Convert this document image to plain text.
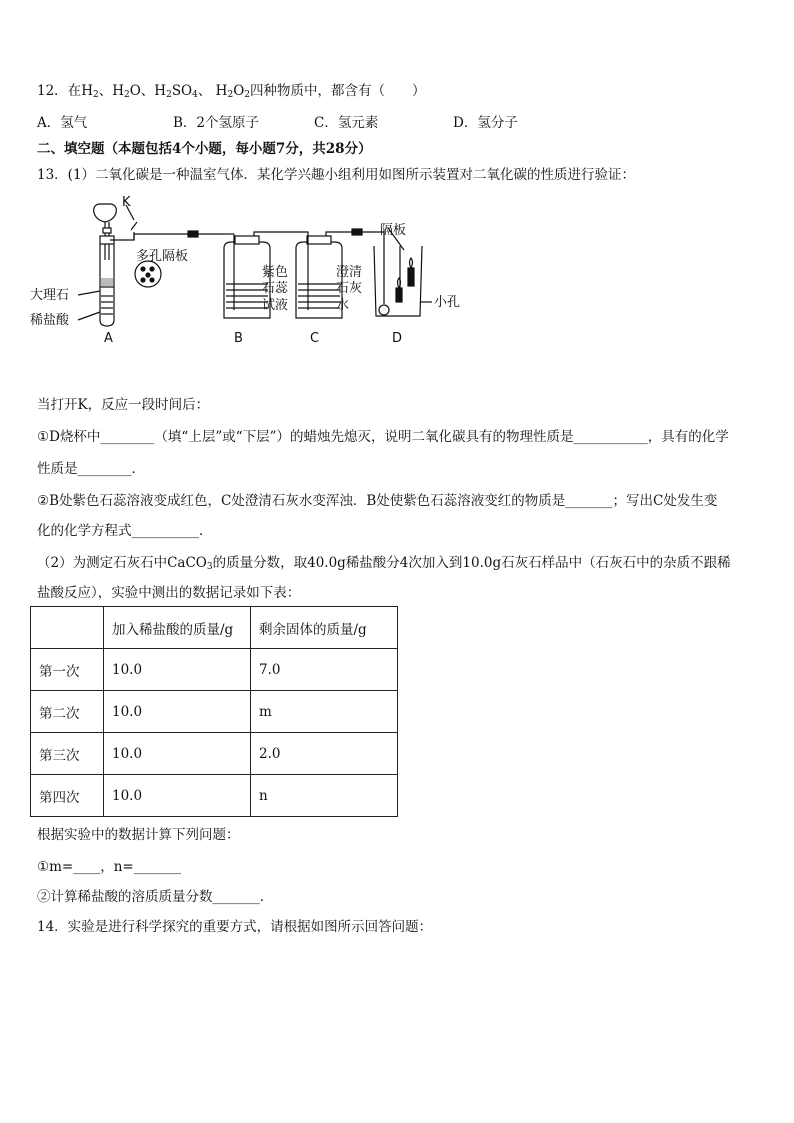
12．在$H_2$、$H_2O$、$H_2SO_4$、 $H_2O_2$四种物质中，都含有（　　）
A．氢气	B．2个氢原子	C．氢元素	D．氢分子
二、填空题（本题包括4个小题，每小题7分，共28分）
13．(1）二氧化碳是一种温室气体．某化学兴趣小组利用如图所示装置对二氧化碳的性质进行验证：
K
多孔隔板
大理石
稀盐酸
紫色
石蕊
试液
澄清
石灰
水
隔板
小孔
A	B	C	D
当打开K，反应一段时间后：
①D烧杯中________（填“上层”或“下层”）的蜡烛先熄灭，说明二氧化碳具有的物理性质是___________，具有的化学
性质是________．
②B处紫色石蕊溶液变成红色，C处澄清石灰水变浑浊．B处使紫色石蕊溶液变红的物质是_______；写出C处发生变
化的化学方程式__________．
（2）为测定石灰石中CaCO$_3$的质量分数，取40.0g稀盐酸分4次加入到10.0g石灰石样品中（石灰石中的杂质不跟稀
盐酸反应），实验中测出的数据记录如下表：
	加入稀盐酸的质量/g	剩余固体的质量/g
第一次	10.0	7.0
第二次	10.0	m
第三次	10.0	2.0
第四次	10.0	n
根据实验中的数据计算下列问题：
①m=____，n=_______
②计算稀盐酸的溶质质量分数_______．
14．实验是进行科学探究的重要方式，请根据如图所示回答问题：
